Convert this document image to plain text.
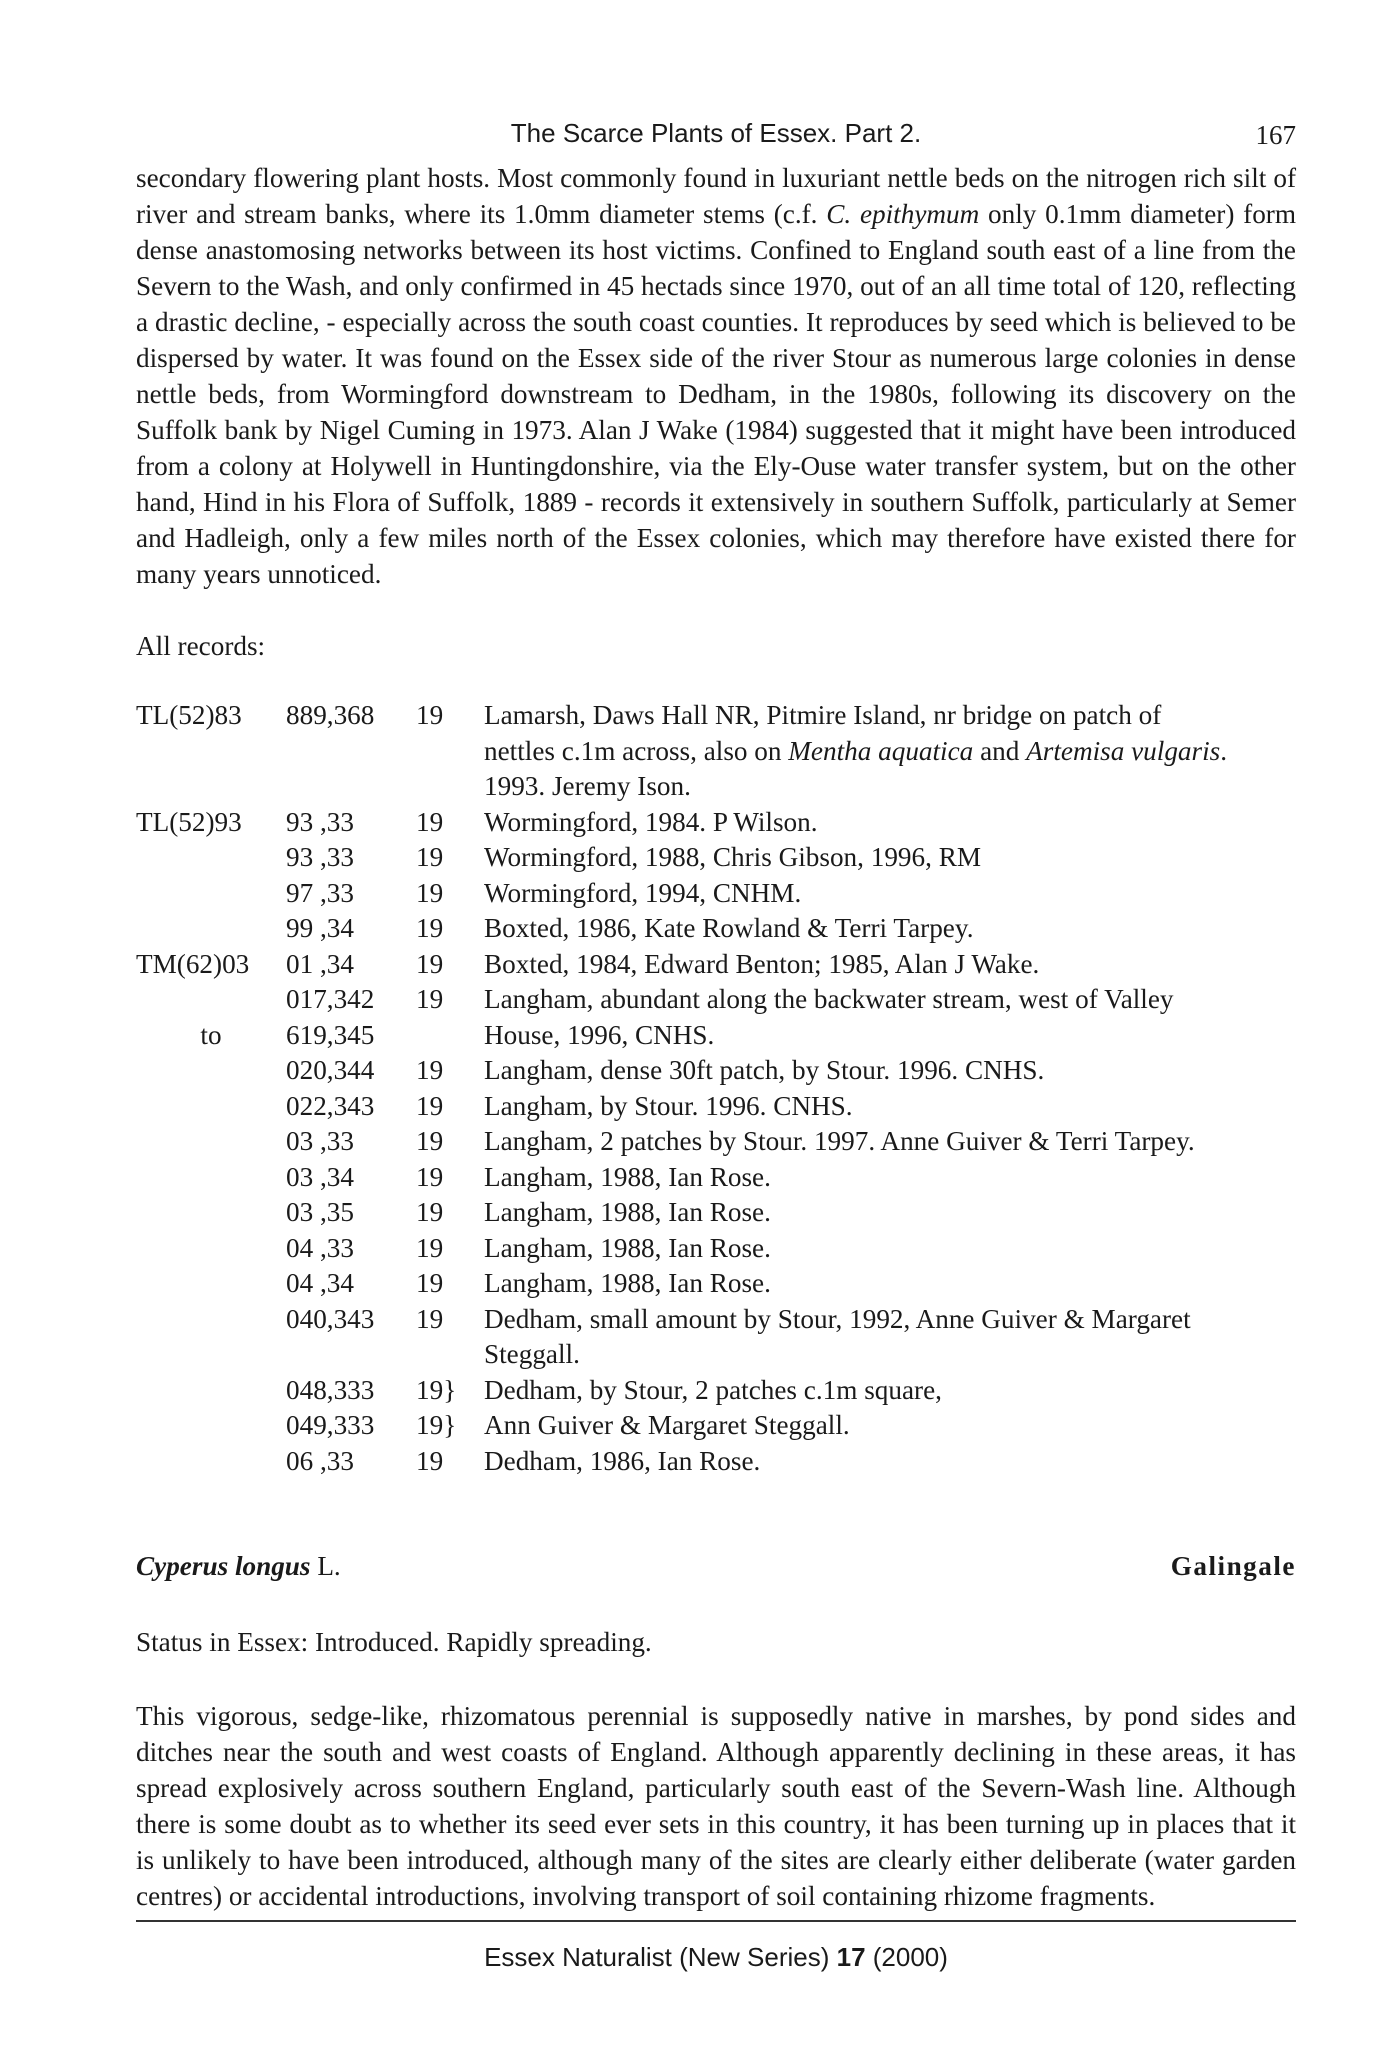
The Scarce Plants of Essex. Part 2.	167

secondary flowering plant hosts. Most commonly found in luxuriant nettle beds on the nitrogen rich silt of river and stream banks, where its 1.0mm diameter stems (c.f. C. epithymum only 0.1mm diameter) form dense anastomosing networks between its host victims. Confined to England south east of a line from the Severn to the Wash, and only confirmed in 45 hectads since 1970, out of an all time total of 120, reflecting a drastic decline, - especially across the south coast counties. It reproduces by seed which is believed to be dispersed by water. It was found on the Essex side of the river Stour as numerous large colonies in dense nettle beds, from Wormingford downstream to Dedham, in the 1980s, following its discovery on the Suffolk bank by Nigel Cuming in 1973. Alan J Wake (1984) suggested that it might have been introduced from a colony at Holywell in Huntingdonshire, via the Ely-Ouse water transfer system, but on the other hand, Hind in his Flora of Suffolk, 1889 - records it extensively in southern Suffolk, particularly at Semer and Hadleigh, only a few miles north of the Essex colonies, which may therefore have existed there for many years unnoticed.

All records:
TL(52)83	889,368	19	Lamarsh, Daws Hall NR, Pitmire Island, nr bridge on patch of
nettles c.1m across, also on Mentha aquatica and Artemisa vulgaris.
1993. Jeremy Ison.
TL(52)93	93 ,33	19	Wormingford, 1984. P Wilson.
	93 ,33	19	Wormingford, 1988, Chris Gibson, 1996, RM
	97 ,33	19	Wormingford, 1994, CNHM.
	99 ,34	19	Boxted, 1986, Kate Rowland & Terri Tarpey.
TM(62)03	01 ,34	19	Boxted, 1984, Edward Benton; 1985, Alan J Wake.
	017,342	19	Langham, abundant along the backwater stream, west of Valley
to	619,345		House, 1996, CNHS.
	020,344	19	Langham, dense 30ft patch, by Stour. 1996. CNHS.
	022,343	19	Langham, by Stour. 1996. CNHS.
	03 ,33	19	Langham, 2 patches by Stour. 1997. Anne Guiver & Terri Tarpey.
	03 ,34	19	Langham, 1988, Ian Rose.
	03 ,35	19	Langham, 1988, Ian Rose.
	04 ,33	19	Langham, 1988, Ian Rose.
	04 ,34	19	Langham, 1988, Ian Rose.
	040,343	19	Dedham, small amount by Stour, 1992, Anne Guiver & Margaret
Steggall.
	048,333	19}	Dedham, by Stour, 2 patches c.1m square,
	049,333	19}	Ann Guiver & Margaret Steggall.
	06 ,33	19	Dedham, 1986, Ian Rose.
Cyperus longus L.	Galingale
Status in Essex: Introduced. Rapidly spreading.

This vigorous, sedge-like, rhizomatous perennial is supposedly native in marshes, by pond sides and ditches near the south and west coasts of England. Although apparently declining in these areas, it has spread explosively across southern England, particularly south east of the Severn-Wash line. Although there is some doubt as to whether its seed ever sets in this country, it has been turning up in places that it is unlikely to have been introduced, although many of the sites are clearly either deliberate (water garden centres) or accidental introductions, involving transport of soil containing rhizome fragments.

Essex Naturalist (New Series) 17 (2000)
